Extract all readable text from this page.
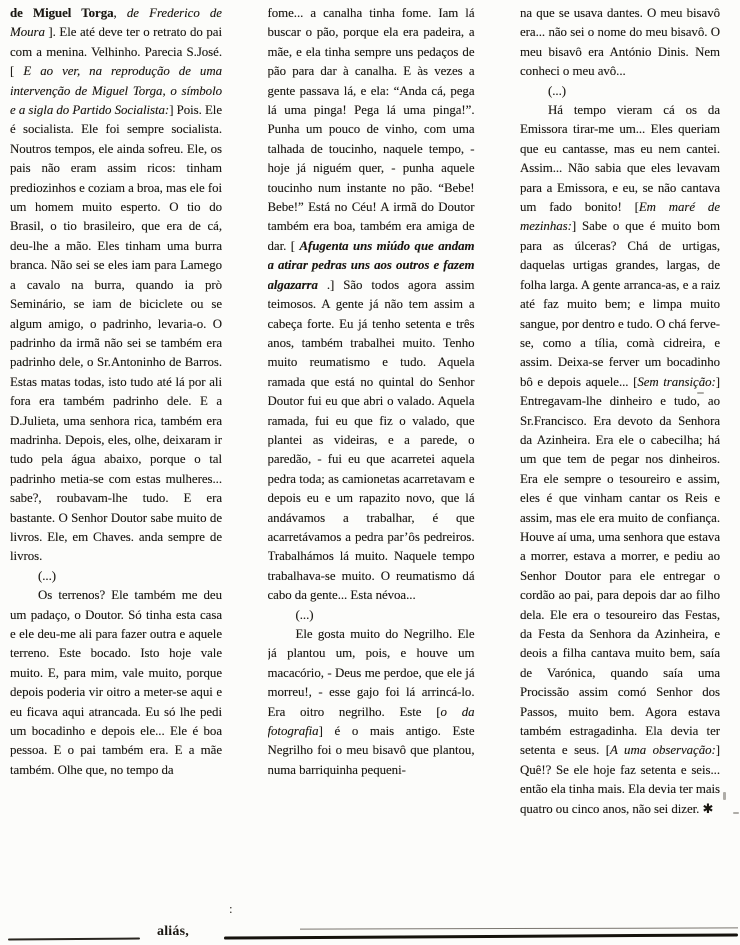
de Miguel Torga, de Frederico de Moura ]. Ele até deve ter o retrato do pai com a menina. Velhinho. Parecia S.José. [ E ao ver, na reprodução de uma intervenção de Miguel Torga, o símbolo e a sigla do Partido Socialista:] Pois. Ele é socialista. Ele foi sempre socialista. Noutros tempos, ele ainda sofreu. Ele, os pais não eram assim ricos: tinham prediozinhos e coziam a broa, mas ele foi um homem muito esperto. O tio do Brasil, o tio brasileiro, que era de cá, deu-lhe a mão. Eles tinham uma burra branca. Não sei se eles iam para Lamego a cavalo na burra, quando ia prò Seminário, se iam de biciclete ou se algum amigo, o padrinho, levaria-o. O padrinho da irmã não sei se também era padrinho dele, o Sr.Antoninho de Barros. Estas matas todas, isto tudo até lá por ali fora era também padrinho dele. E a D.Julieta, uma senhora rica, também era madrinha. Depois, eles, olhe, deixaram ir tudo pela água abaixo, porque o tal padrinho metia-se com estas mulheres... sabe?, roubavam-lhe tudo. E era bastante. O Senhor Doutor sabe muito de livros. Ele, em Chaves. anda sempre de livros.

(...)

Os terrenos? Ele também me deu um padaço, o Doutor. Só tinha esta casa e ele deu-me ali para fazer outra e aquele terreno. Este bocado. Isto hoje vale muito. E, para mim, vale muito, porque depois poderia vir oitro a meter-se aqui e eu ficava aqui atrancada. Eu só lhe pedi um bocadinho e depois ele... Ele é boa pessoa. E o pai também era. E a mãe também. Olhe que, no tempo da

fome... a canalha tinha fome. Iam lá buscar o pão, porque ela era padeira, a mãe, e ela tinha sempre uns pedaços de pão para dar à canalha. E às vezes a gente passava lá, e ela: “Anda cá, pega lá uma pinga! Pega lá uma pinga!”. Punha um pouco de vinho, com uma talhada de toucinho, naquele tempo, - hoje já niguém quer, - punha aquele toucinho num instante no pão. “Bebe! Bebe!” Está no Céu! A irmã do Doutor também era boa, também era amiga de dar. [ Afugenta uns miúdo que andam a atirar pedras uns aos outros e fazem algazarra .] São todos agora assim teimosos. A gente já não tem assim a cabeça forte. Eu já tenho setenta e três anos, também trabalhei muito. Tenho muito reumatismo e tudo. Aquela ramada que está no quintal do Senhor Doutor fui eu que abri o valado. Aquela ramada, fui eu que fiz o valado, que plantei as videiras, e a parede, o paredão, - fui eu que acarretei aquela pedra toda; as camionetas acarretavam e depois eu e um rapazito novo, que lá andávamos a trabalhar, é que acarretávamos a pedra par’ôs pedreiros. Trabalhámos lá muito. Naquele tempo trabalhava-se muito. O reumatismo dá cabo da gente... Esta névoa...

(...)

Ele gosta muito do Negrilho. Ele já plantou um, pois, e houve um macacório, - Deus me perdoe, que ele já morreu!, - esse gajo foi lá arrincá-lo. Era oitro negrilho. Este [o da fotografia] é o mais antigo. Este Negrilho foi o meu bisavô que plantou, numa barriquinha pequeni-

na que se usava dantes. O meu bisavô era... não sei o nome do meu bisavô. O meu bisavô era António Dinis. Nem conheci o meu avô...

(...)

Há tempo vieram cá os da Emissora tirar-me um... Eles queriam que eu cantasse, mas eu nem cantei. Assim... Não sabia que eles levavam para a Emissora, e eu, se não cantava um fado bonito! [Em maré de mezinhas:] Sabe o que é muito bom para as úlceras? Chá de urtigas, daquelas urtigas grandes, largas, de folha larga. A gente arranca-as, e a raiz até faz muito bem; e limpa muito sangue, por dentro e tudo. O chá ferve-se, como a tília, comà cidreira, e assim. Deixa-se ferver um bocadinho bô e depois aquele... [Sem transição:] Entregavam-lhe dinheiro e tudo, ao Sr.Francisco. Era devoto da Senhora da Azinheira. Era ele o cabecilha; há um que tem de pegar nos dinheiros. Era ele sempre o tesoureiro e assim, eles é que vinham cantar os Reis e assim, mas ele era muito de confiança. Houve aí uma, uma senhora que estava a morrer, estava a morrer, e pediu ao Senhor Doutor para ele entregar o cordão ao pai, para depois dar ao filho dela. Ele era o tesoureiro das Festas, da Festa da Senhora da Azinheira, e deois a filha cantava muito bem, saía de Varónica, quando saía uma Procissão assim comó Senhor dos Passos, muito bem. Agora estava também estragadinha. Ela devia ter setenta e seus. [A uma observação:] Quê!? Se ele hoje faz setenta e seis... então ela tinha mais. Ela devia ter mais quatro ou cinco anos, não sei dizer. ✱

:
aliás,
